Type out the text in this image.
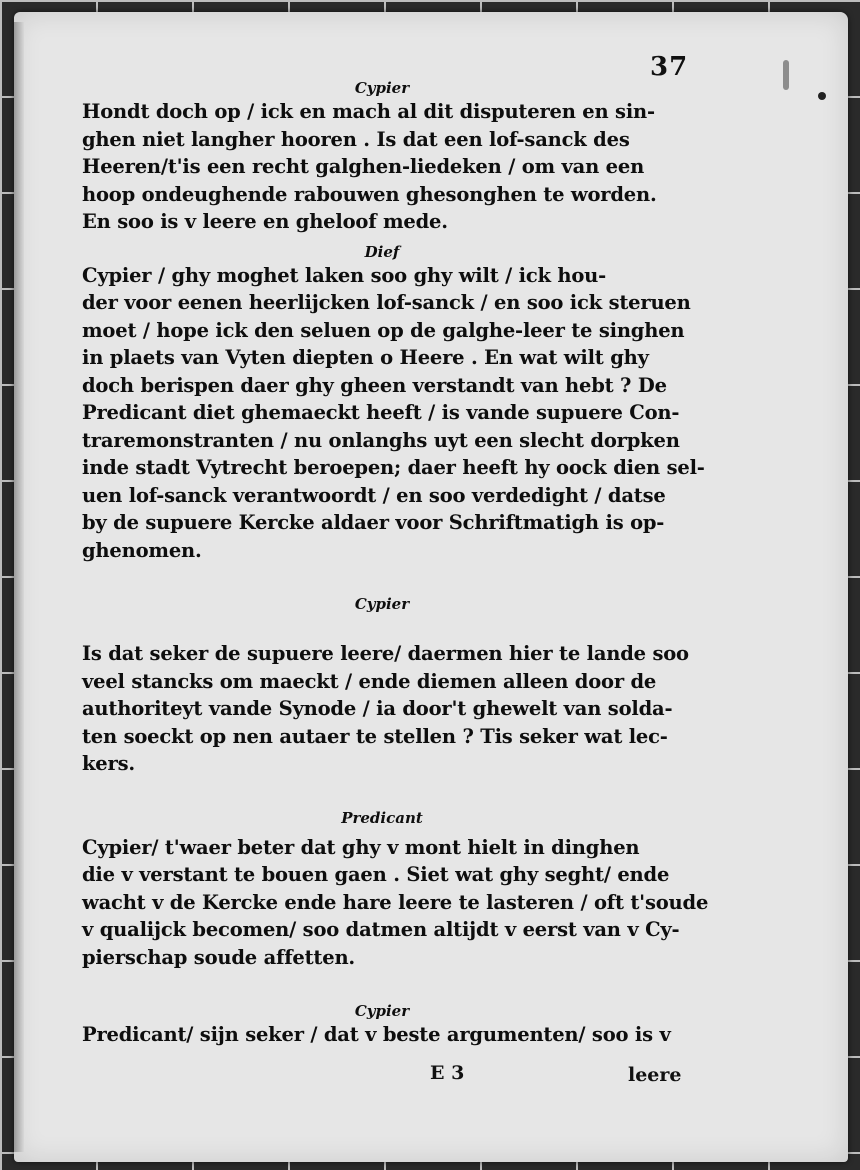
37

Cypier

Hondt doch op / ick en mach al dit disputeren en sin-
ghen niet langher hooren . Is dat een lof-sanck des
Heeren/t'is een recht galghen-liedeken / om van een
hoop ondeughende rabouwen ghesonghen te worden.
En soo is v leere en gheloof mede.

Dief

Cypier / ghy moghet laken soo ghy wilt / ick hou-
der voor eenen heerlijcken lof-sanck / en soo ick steruen
moet / hope ick den seluen op de galghe-leer te singhen
in plaets van Vyten diepten o Heere . En wat wilt ghy
doch berispen daer ghy gheen verstandt van hebt ? De
Predicant diet ghemaeckt heeft / is vande supuere Con-
traremonstranten / nu onlanghs uyt een slecht dorpken
inde stadt Vytrecht beroepen; daer heeft hy oock dien sel-
uen lof-sanck verantwoordt / en soo verdedight / datse
by de supuere Kercke aldaer voor Schriftmatigh is op-
ghenomen.

Cypier

Is dat seker de supuere leere/ daermen hier te lande soo
veel stancks om maeckt / ende diemen alleen door de
authoriteyt vande Synode / ia door't ghewelt van solda-
ten soeckt op nen autaer te stellen ? Tis seker wat lec-
kers.

Predicant

Cypier/ t'waer beter dat ghy v mont hielt in dinghen
die v verstant te bouen gaen . Siet wat ghy seght/ ende
wacht v de Kercke ende hare leere te lasteren / oft t'soude
v qualijck becomen/ soo datmen altijdt v eerst van v Cy-
pierschap soude affetten.

Cypier

Predicant/ sijn seker / dat v beste argumenten/ soo is v

E 3	leere
